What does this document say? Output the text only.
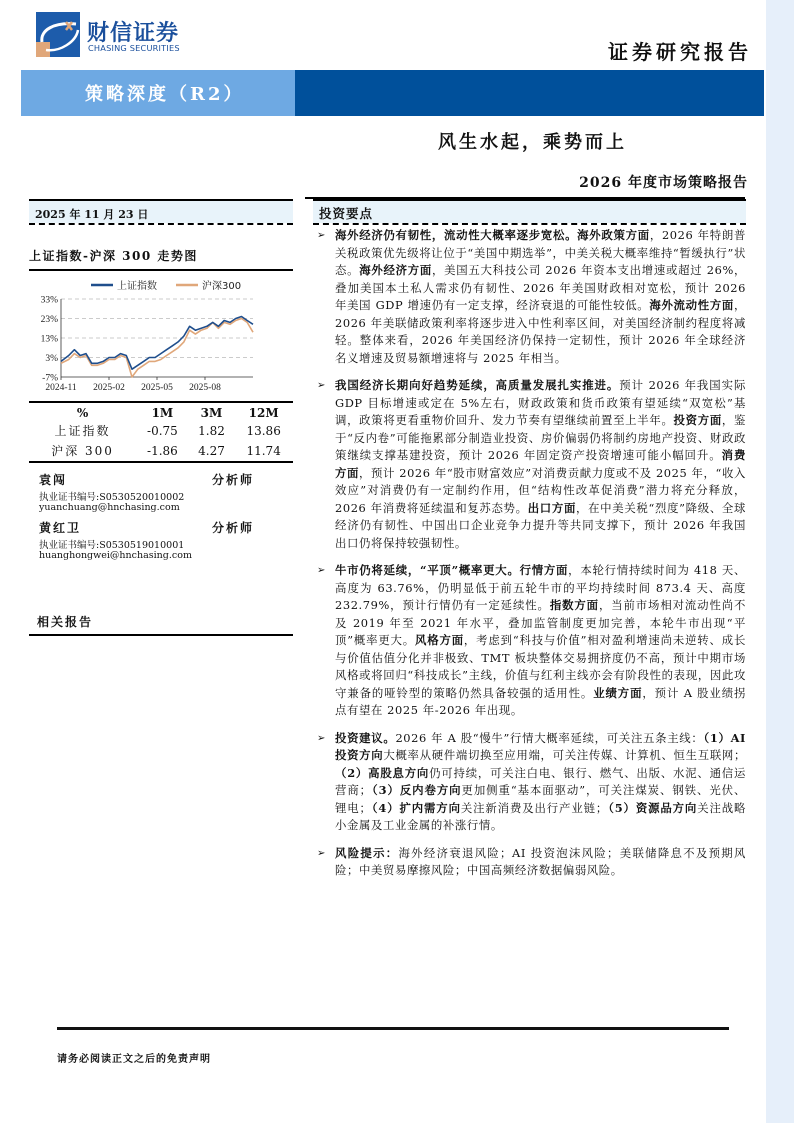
财信证券
CHASING SECURITIES	证券研究报告
策略深度（R2）
风生水起，乘势而上
2026 年度市场策略报告
2025 年 11 月 23 日
上证指数-沪深 300 走势图
上证指数	沪深300
-7%
3%
13%
23%
33%
2024-11 2025-02 2025-05 2025-08
%	1M	3M	12M
上证指数	-0.75	1.82	13.86
沪深 300	-1.86	4.27	11.74
袁闯	分析师
执业证书编号:S0530520010002
yuanchuang@hnchasing.com
黄红卫	分析师
执业证书编号:S0530519010001
huanghongwei@hnchasing.com
相关报告
投资要点
➢ 海外经济仍有韧性，流动性大概率逐步宽松。海外政策方面，2026 年特朗普关税政策优先级将让位于“美国中期选举”，中美关税大概率维持“暂缓执行”状态。海外经济方面，美国五大科技公司 2026 年资本支出增速或超过 26%，叠加美国本土私人需求仍有韧性、2026 年美国财政相对宽松，预计 2026 年美国 GDP 增速仍有一定支撑，经济衰退的可能性较低。海外流动性方面，2026 年美联储政策利率将逐步进入中性利率区间，对美国经济制约程度将减轻。整体来看，2026 年美国经济仍保持一定韧性，预计 2026 年全球经济名义增速及贸易额增速将与 2025 年相当。
➢ 我国经济长期向好趋势延续，高质量发展扎实推进。预计 2026 年我国实际 GDP 目标增速或定在 5%左右，财政政策和货币政策有望延续“双宽松”基调，政策将更看重物价回升、发力节奏有望继续前置至上半年。投资方面，鉴于“反内卷”可能拖累部分制造业投资、房价偏弱仍将制约房地产投资、财政政策继续支撑基建投资，预计 2026 年固定资产投资增速可能小幅回升。消费方面，预计 2026 年“股市财富效应”对消费贡献力度或不及 2025 年，“收入效应”对消费仍有一定制约作用，但“结构性改革促消费”潜力将充分释放，2026 年消费将延续温和复苏态势。出口方面，在中美关税“烈度”降级、全球经济仍有韧性、中国出口企业竞争力提升等共同支撑下，预计 2026 年我国出口仍将保持较强韧性。
➢ 牛市仍将延续，“平顶”概率更大。行情方面，本轮行情持续时间为 418 天、高度为 63.76%，仍明显低于前五轮牛市的平均持续时间 873.4 天、高度 232.79%，预计行情仍有一定延续性。指数方面，当前市场相对流动性尚不及 2019 年至 2021 年水平，叠加监管制度更加完善，本轮牛市出现“平顶”概率更大。风格方面，考虑到“科技与价值”相对盈利增速尚未逆转、成长与价值估值分化并非极致、TMT 板块整体交易拥挤度仍不高，预计中期市场风格或将回归“科技成长”主线，价值与红利主线亦会有阶段性的表现，因此攻守兼备的哑铃型的策略仍然具备较强的适用性。业绩方面，预计 A 股业绩拐点有望在 2025 年-2026 年出现。
➢ 投资建议。2026 年 A 股“慢牛”行情大概率延续，可关注五条主线：（1）AI 投资方向大概率从硬件端切换至应用端，可关注传媒、计算机、恒生互联网；（2）高股息方向仍可持续，可关注白电、银行、燃气、出版、水泥、通信运营商；（3）反内卷方向更加侧重“基本面驱动”，可关注煤炭、钢铁、光伏、锂电；（4）扩内需方向关注新消费及出行产业链；（5）资源品方向关注战略小金属及工业金属的补涨行情。
➢ 风险提示：海外经济衰退风险；AI 投资泡沫风险；美联储降息不及预期风险；中美贸易摩擦风险；中国高频经济数据偏弱风险。
请务必阅读正文之后的免责声明
